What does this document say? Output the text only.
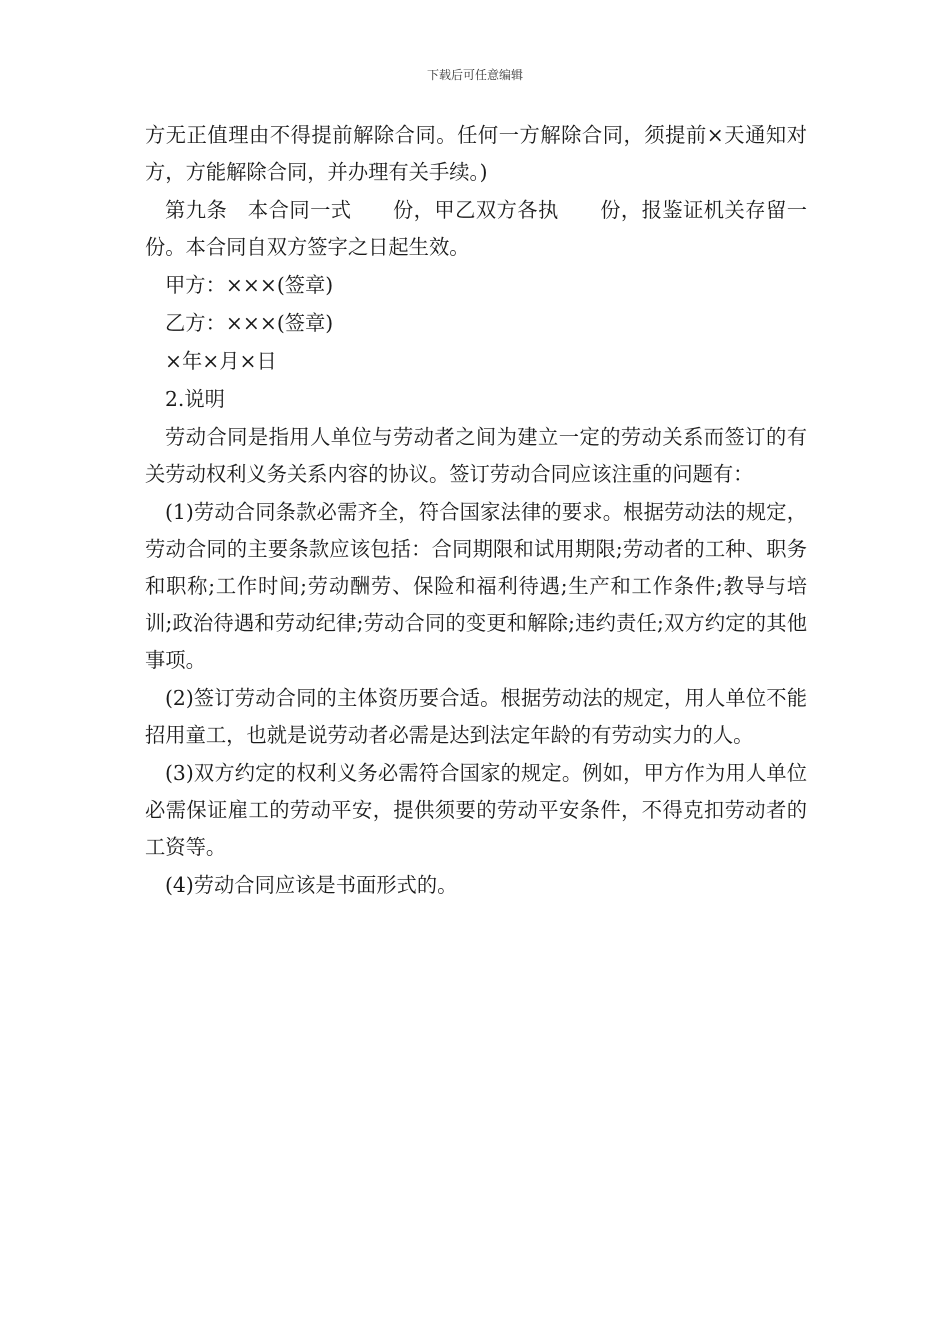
下载后可任意编辑

方无正值理由不得提前解除合同。任何一方解除合同，须提前×天通知对方，方能解除合同，并办理有关手续。)

第九条　本合同一式　　份，甲乙双方各执　　份，报鉴证机关存留一份。本合同自双方签字之日起生效。

甲方：×××(签章)

乙方：×××(签章)

×年×月×日

2.说明

劳动合同是指用人单位与劳动者之间为建立一定的劳动关系而签订的有关劳动权利义务关系内容的协议。签订劳动合同应该注重的问题有：

(1)劳动合同条款必需齐全，符合国家法律的要求。根据劳动法的规定，劳动合同的主要条款应该包括：合同期限和试用期限;劳动者的工种、职务和职称;工作时间;劳动酬劳、保险和福利待遇;生产和工作条件;教导与培训;政治待遇和劳动纪律;劳动合同的变更和解除;违约责任;双方约定的其他事项。

(2)签订劳动合同的主体资历要合适。根据劳动法的规定，用人单位不能招用童工，也就是说劳动者必需是达到法定年龄的有劳动实力的人。

(3)双方约定的权利义务必需符合国家的规定。例如，甲方作为用人单位必需保证雇工的劳动平安，提供须要的劳动平安条件，不得克扣劳动者的工资等。

(4)劳动合同应该是书面形式的。
